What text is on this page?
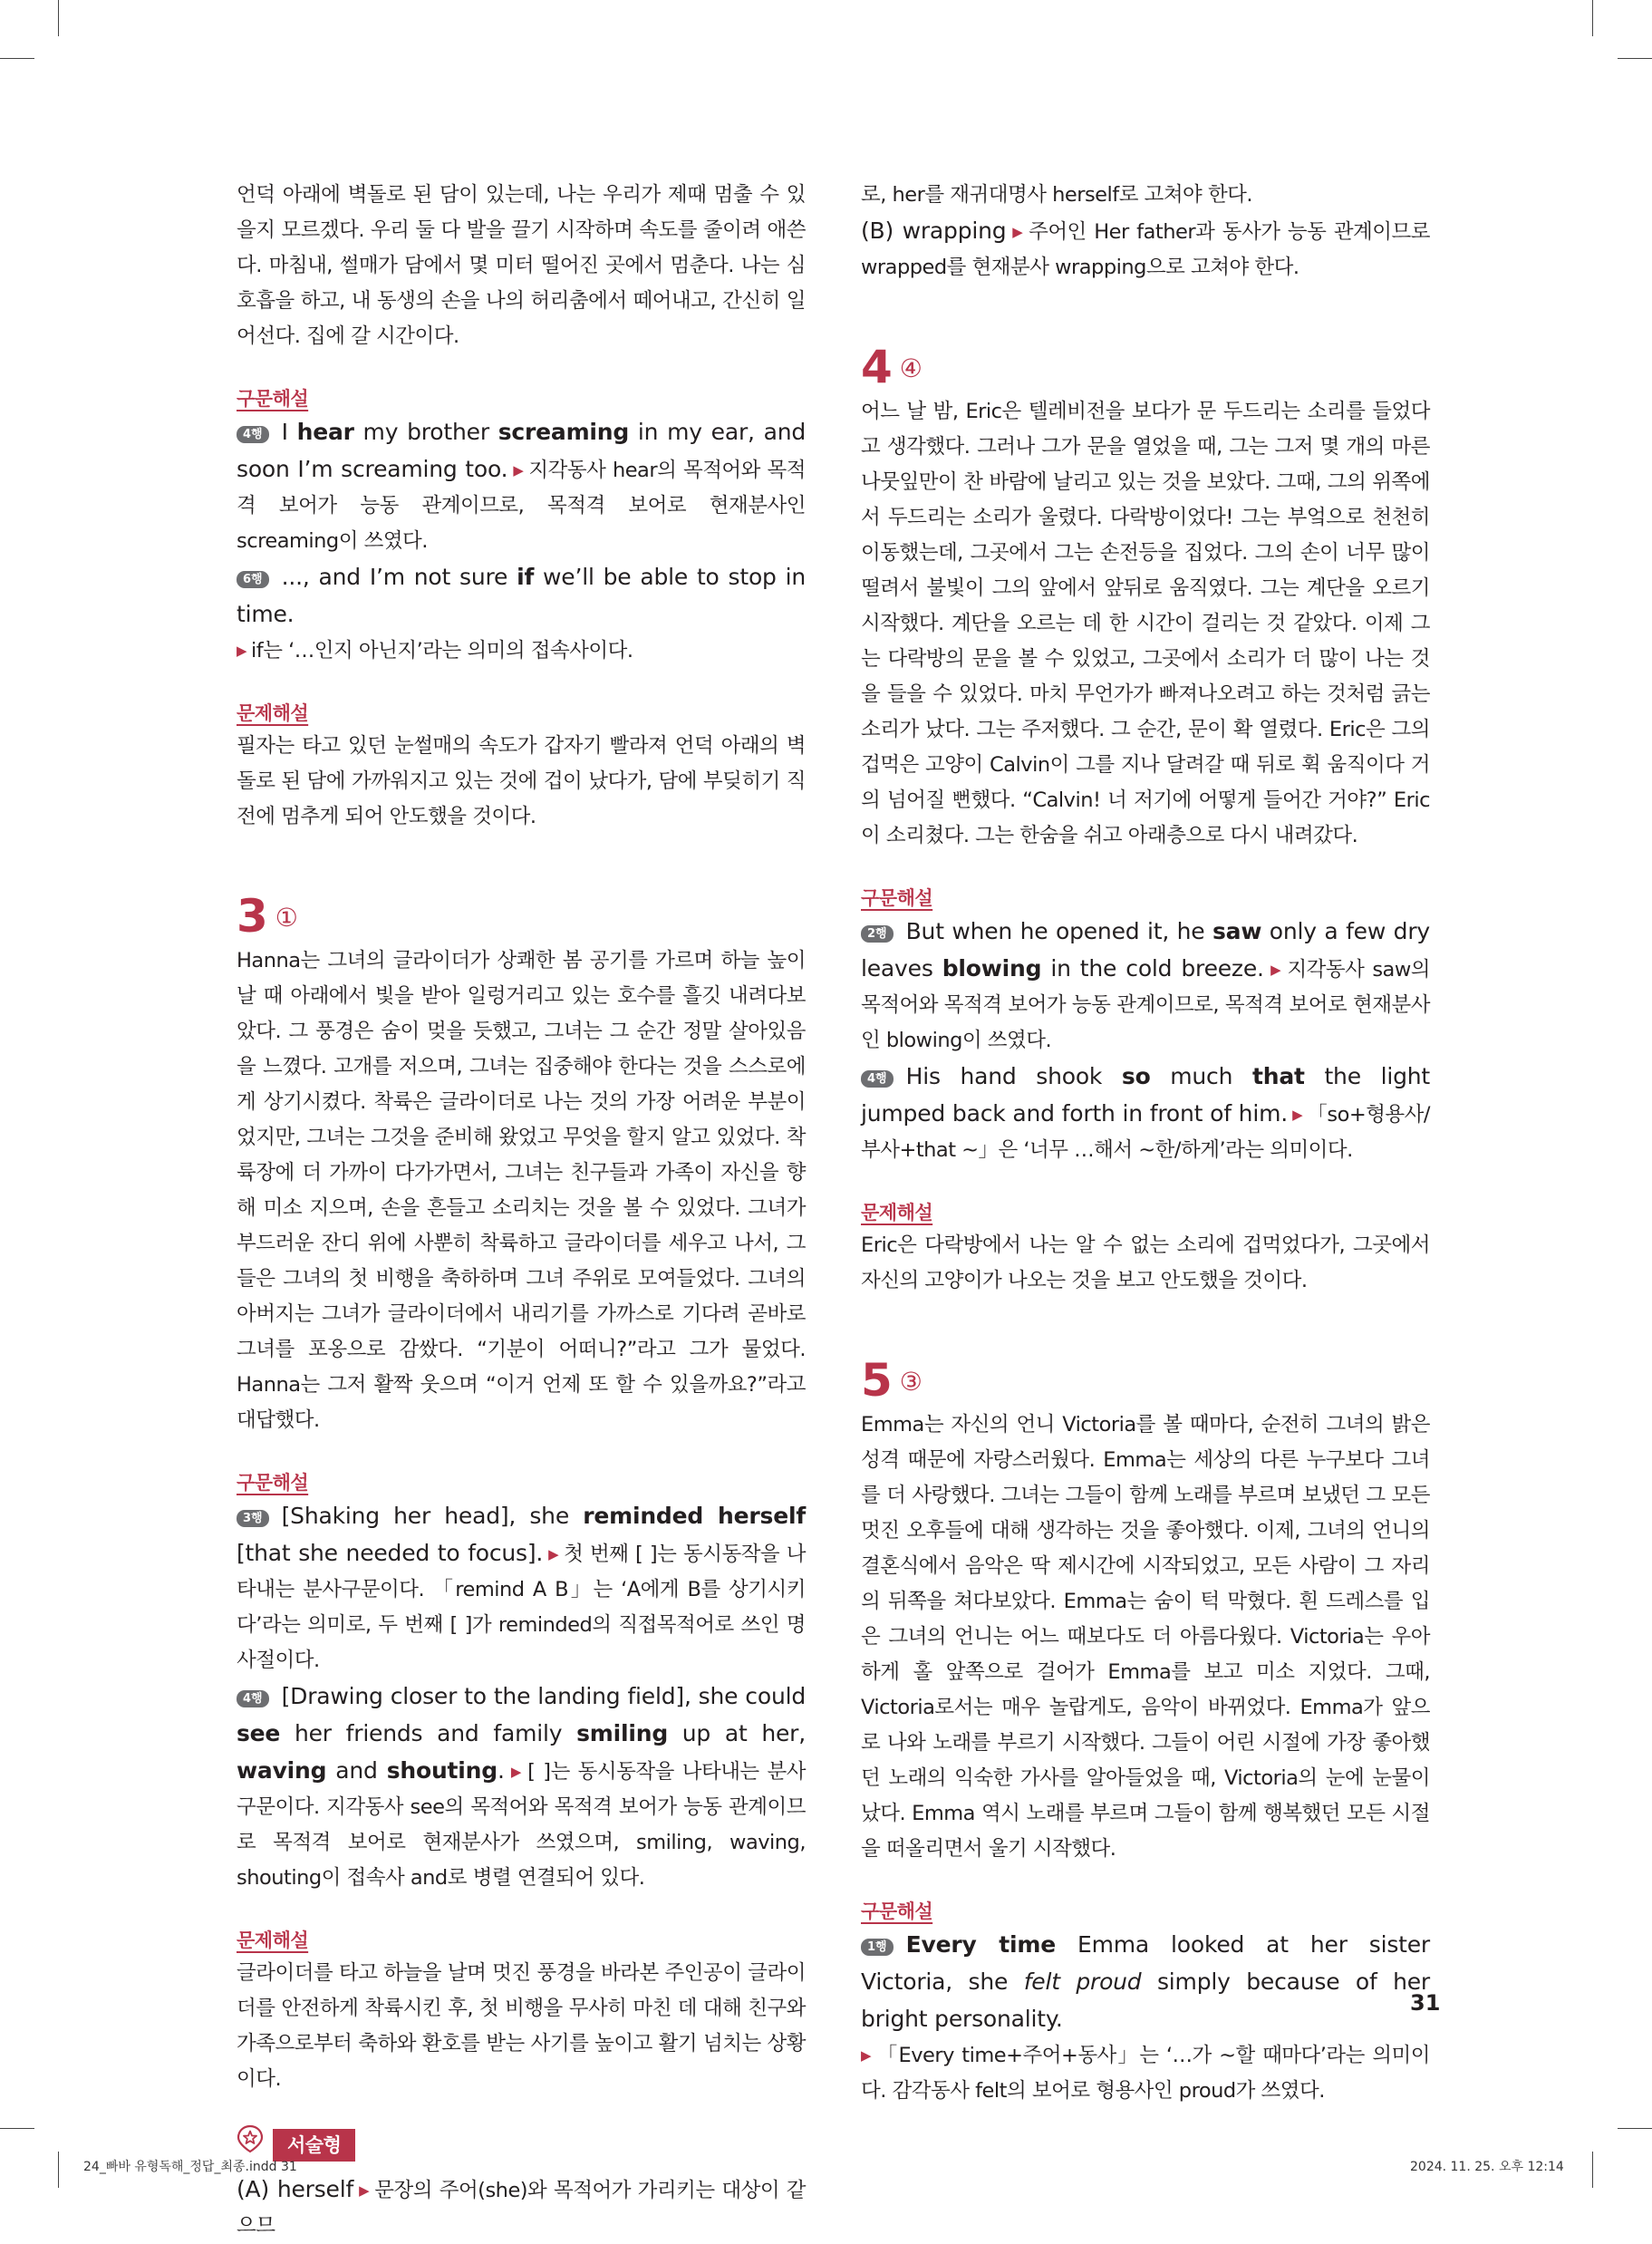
언덕 아래에 벽돌로 된 담이 있는데, 나는 우리가 제때 멈출 수 있을지 모르겠다. 우리 둘 다 발을 끌기 시작하며 속도를 줄이려 애쓴다. 마침내, 썰매가 담에서 몇 미터 떨어진 곳에서 멈춘다. 나는 심호흡을 하고, 내 동생의 손을 나의 허리춤에서 떼어내고, 간신히 일어선다. 집에 갈 시간이다.

구문해설

4행 I hear my brother screaming in my ear, and soon I’m screaming too. ▶ 지각동사 hear의 목적어와 목적격 보어가 능동 관계이므로, 목적격 보어로 현재분사인 screaming이 쓰였다.

6행 ..., and I’m not sure if we’ll be able to stop in time.
▶ if는 ‘…인지 아닌지’라는 의미의 접속사이다.

문제해설

필자는 타고 있던 눈썰매의 속도가 갑자기 빨라져 언덕 아래의 벽돌로 된 담에 가까워지고 있는 것에 겁이 났다가, 담에 부딪히기 직전에 멈추게 되어 안도했을 것이다.

3 ①

Hanna는 그녀의 글라이더가 상쾌한 봄 공기를 가르며 하늘 높이 날 때 아래에서 빛을 받아 일렁거리고 있는 호수를 흘깃 내려다보았다. 그 풍경은 숨이 멎을 듯했고, 그녀는 그 순간 정말 살아있음을 느꼈다. 고개를 저으며, 그녀는 집중해야 한다는 것을 스스로에게 상기시켰다. 착륙은 글라이더로 나는 것의 가장 어려운 부분이었지만, 그녀는 그것을 준비해 왔었고 무엇을 할지 알고 있었다. 착륙장에 더 가까이 다가가면서, 그녀는 친구들과 가족이 자신을 향해 미소 지으며, 손을 흔들고 소리치는 것을 볼 수 있었다. 그녀가 부드러운 잔디 위에 사뿐히 착륙하고 글라이더를 세우고 나서, 그들은 그녀의 첫 비행을 축하하며 그녀 주위로 모여들었다. 그녀의 아버지는 그녀가 글라이더에서 내리기를 가까스로 기다려 곧바로 그녀를 포옹으로 감쌌다. “기분이 어떠니?”라고 그가 물었다. Hanna는 그저 활짝 웃으며 “이거 언제 또 할 수 있을까요?”라고 대답했다.

구문해설

3행 [Shaking her head], she reminded herself [that she needed to focus]. ▶ 첫 번째 [ ]는 동시동작을 나타내는 분사구문이다. 「remind A B」는 ‘A에게 B를 상기시키다’라는 의미로, 두 번째 [ ]가 reminded의 직접목적어로 쓰인 명사절이다.

4행 [Drawing closer to the landing field], she could see her friends and family smiling up at her, waving and shouting. ▶ [ ]는 동시동작을 나타내는 분사구문이다. 지각동사 see의 목적어와 목적격 보어가 능동 관계이므로 목적격 보어로 현재분사가 쓰였으며, smiling, waving, shouting이 접속사 and로 병렬 연결되어 있다.

문제해설

글라이더를 타고 하늘을 날며 멋진 풍경을 바라본 주인공이 글라이더를 안전하게 착륙시킨 후, 첫 비행을 무사히 마친 데 대해 친구와 가족으로부터 축하와 환호를 받는 사기를 높이고 활기 넘치는 상황이다.

서술형

(A) herself ▶ 문장의 주어(she)와 목적어가 가리키는 대상이 같으므

로, her를 재귀대명사 herself로 고쳐야 한다.

(B) wrapping ▶ 주어인 Her father과 동사가 능동 관계이므로 wrapped를 현재분사 wrapping으로 고쳐야 한다.

4 ④

어느 날 밤, Eric은 텔레비전을 보다가 문 두드리는 소리를 들었다고 생각했다. 그러나 그가 문을 열었을 때, 그는 그저 몇 개의 마른 나뭇잎만이 찬 바람에 날리고 있는 것을 보았다. 그때, 그의 위쪽에서 두드리는 소리가 울렸다. 다락방이었다! 그는 부엌으로 천천히 이동했는데, 그곳에서 그는 손전등을 집었다. 그의 손이 너무 많이 떨려서 불빛이 그의 앞에서 앞뒤로 움직였다. 그는 계단을 오르기 시작했다. 계단을 오르는 데 한 시간이 걸리는 것 같았다. 이제 그는 다락방의 문을 볼 수 있었고, 그곳에서 소리가 더 많이 나는 것을 들을 수 있었다. 마치 무언가가 빠져나오려고 하는 것처럼 긁는 소리가 났다. 그는 주저했다. 그 순간, 문이 확 열렸다. Eric은 그의 겁먹은 고양이 Calvin이 그를 지나 달려갈 때 뒤로 휙 움직이다 거의 넘어질 뻔했다. “Calvin! 너 저기에 어떻게 들어간 거야?” Eric이 소리쳤다. 그는 한숨을 쉬고 아래층으로 다시 내려갔다.

구문해설

2행 But when he opened it, he saw only a few dry leaves blowing in the cold breeze. ▶ 지각동사 saw의 목적어와 목적격 보어가 능동 관계이므로, 목적격 보어로 현재분사인 blowing이 쓰였다.

4행 His hand shook so much that the light jumped back and forth in front of him. ▶ 「so+형용사/부사+that ~」은 ‘너무 …해서 ~한/하게’라는 의미이다.

문제해설

Eric은 다락방에서 나는 알 수 없는 소리에 겁먹었다가, 그곳에서 자신의 고양이가 나오는 것을 보고 안도했을 것이다.

5 ③

Emma는 자신의 언니 Victoria를 볼 때마다, 순전히 그녀의 밝은 성격 때문에 자랑스러웠다. Emma는 세상의 다른 누구보다 그녀를 더 사랑했다. 그녀는 그들이 함께 노래를 부르며 보냈던 그 모든 멋진 오후들에 대해 생각하는 것을 좋아했다. 이제, 그녀의 언니의 결혼식에서 음악은 딱 제시간에 시작되었고, 모든 사람이 그 자리의 뒤쪽을 쳐다보았다. Emma는 숨이 턱 막혔다. 흰 드레스를 입은 그녀의 언니는 어느 때보다도 더 아름다웠다. Victoria는 우아하게 홀 앞쪽으로 걸어가 Emma를 보고 미소 지었다. 그때, Victoria로서는 매우 놀랍게도, 음악이 바뀌었다. Emma가 앞으로 나와 노래를 부르기 시작했다. 그들이 어린 시절에 가장 좋아했던 노래의 익숙한 가사를 알아들었을 때, Victoria의 눈에 눈물이 났다. Emma 역시 노래를 부르며 그들이 함께 행복했던 모든 시절을 떠올리면서 울기 시작했다.

구문해설

1행 Every time Emma looked at her sister Victoria, she felt proud simply because of her bright personality.
▶ 「Every time+주어+동사」는 ‘…가 ~할 때마다’라는 의미이다. 감각동사 felt의 보어로 형용사인 proud가 쓰였다.

31
24_빠바 유형독해_정답_최종.indd 31	2024. 11. 25. 오후 12:14
